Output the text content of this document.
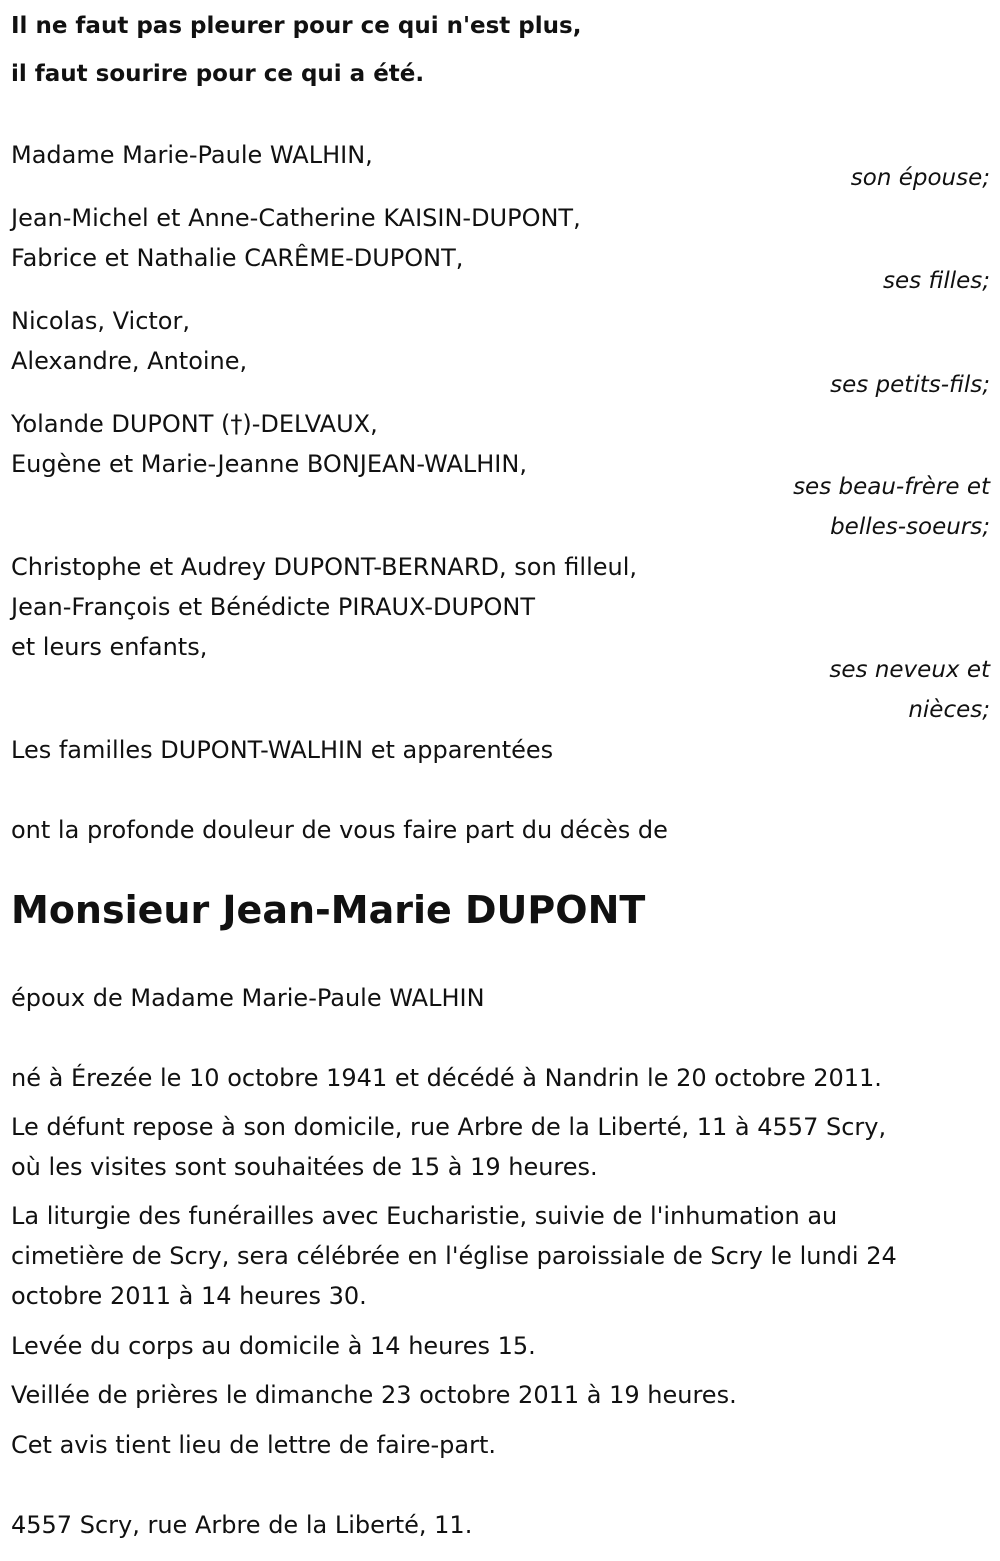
Il ne faut pas pleurer pour ce qui n'est plus,
il faut sourire pour ce qui a été.
Madame Marie-Paule WALHIN,
son épouse;
Jean-Michel et Anne-Catherine KAISIN-DUPONT,
Fabrice et Nathalie CARÊME-DUPONT,
ses filles;
Nicolas, Victor,
Alexandre, Antoine,
ses petits-fils;
Yolande DUPONT (†)-DELVAUX,
Eugène et Marie-Jeanne BONJEAN-WALHIN,
ses beau-frère et
belles-soeurs;
Christophe et Audrey DUPONT-BERNARD, son filleul,
Jean-François et Bénédicte PIRAUX-DUPONT
et leurs enfants,
ses neveux et
nièces;
Les familles DUPONT-WALHIN et apparentées
ont la profonde douleur de vous faire part du décès de
Monsieur Jean-Marie DUPONT
époux de Madame Marie-Paule WALHIN
né à Érezée le 10 octobre 1941 et décédé à Nandrin le 20 octobre 2011.
Le défunt repose à son domicile, rue Arbre de la Liberté, 11 à 4557 Scry,
où les visites sont souhaitées de 15 à 19 heures.
La liturgie des funérailles avec Eucharistie, suivie de l'inhumation au
cimetière de Scry, sera célébrée en l'église paroissiale de Scry le lundi 24
octobre 2011 à 14 heures 30.
Levée du corps au domicile à 14 heures 15.
Veillée de prières le dimanche 23 octobre 2011 à 19 heures.
Cet avis tient lieu de lettre de faire-part.
4557 Scry, rue Arbre de la Liberté, 11.
